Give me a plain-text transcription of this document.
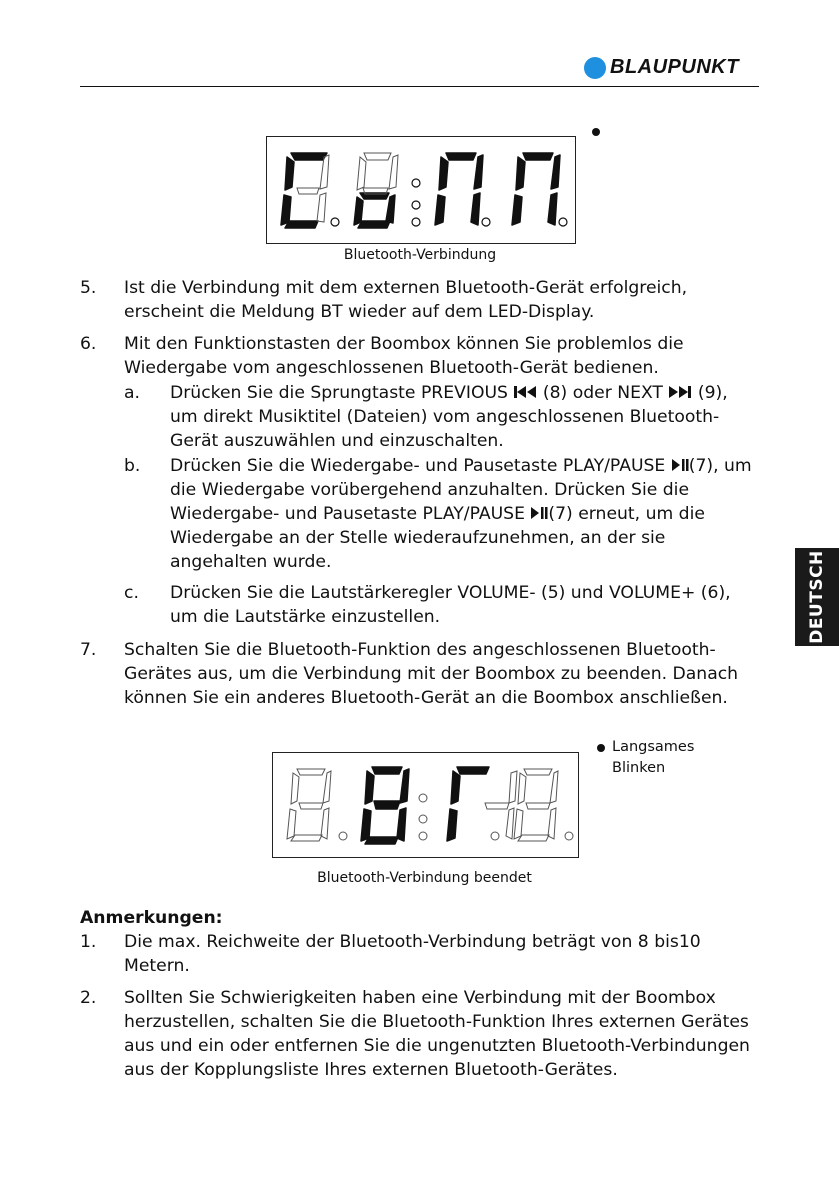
BLAUPUNKT
DEUTSCH
Bluetooth-Verbindung
5. Ist die Verbindung mit dem externen Bluetooth-Gerät erfolgreich, erscheint die Meldung BT wieder auf dem LED-Display.
6. Mit den Funktionstasten der Boombox können Sie problemlos die Wiedergabe vom angeschlossenen Bluetooth-Gerät bedienen.
a. Drücken Sie die Sprungtaste PREVIOUS (8) oder NEXT (9), um direkt Musiktitel (Dateien) vom angeschlossenen Bluetooth-Gerät auszuwählen und einzuschalten.
b. Drücken Sie die Wiedergabe- und Pausetaste PLAY/PAUSE (7), um die Wiedergabe vorübergehend anzuhalten. Drücken Sie die Wiedergabe- und Pausetaste PLAY/PAUSE (7) erneut, um die Wiedergabe an der Stelle wiederaufzunehmen, an der sie angehalten wurde.
c. Drücken Sie die Lautstärkeregler VOLUME- (5) und VOLUME+ (6), um die Lautstärke einzustellen.
7. Schalten Sie die Bluetooth-Funktion des angeschlossenen Bluetooth-Gerätes aus, um die Verbindung mit der Boombox zu beenden. Danach können Sie ein anderes Bluetooth-Gerät an die Boombox anschließen.
Langsames
Blinken
Bluetooth-Verbindung beendet
Anmerkungen:
1. Die max. Reichweite der Bluetooth-Verbindung beträgt von 8 bis10 Metern.
2. Sollten Sie Schwierigkeiten haben eine Verbindung mit der Boombox herzustellen, schalten Sie die Bluetooth-Funktion Ihres externen Gerätes aus und ein oder entfernen Sie die ungenutzten Bluetooth-Verbindungen aus der Kopplungsliste Ihres externen Bluetooth-Gerätes.
